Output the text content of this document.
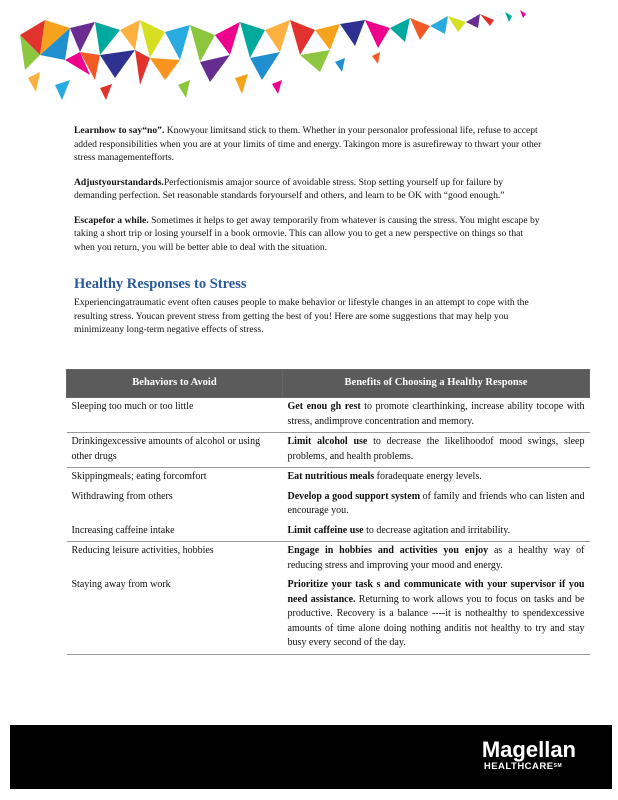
Learnhow to say“no”. Knowyour limitsand stick to them. Whether in your personalor professional life, refuse to accept added responsibilities when you are at your limits of time and energy. Takingon more is asurefireway to thwart your other stress managementefforts.

Adjustyourstandards.Perfectionismis amajor source of avoidable stress. Stop setting yourself up for failure by demanding perfection. Set reasonable standards foryourself and others, and learn to be OK with “good enough.”

Escapefor a while. Sometimes it helps to get away temporarily from whatever is causing the stress. You might escape by taking a short trip or losing yourself in a book ormovie. This can allow you to get a new perspective on things so that when you return, you will be better able to deal with the situation.

Healthy Responses to Stress

Experiencingatraumatic event often causes people to make behavior or lifestyle changes in an attempt to cope with the resulting stress. Youcan prevent stress from getting the best of you! Here are some suggestions that may help you minimizeany long-term negative effects of stress.

Behaviors to Avoid	Benefits of Choosing a Healthy Response
Sleeping too much or too little	Get enou gh rest to promote clearthinking, increase ability tocope with stress, andimprove concentration and memory.
Drinkingexcessive amounts of alcohol or using other drugs	Limit alcohol use to decrease the likelihoodof mood swings, sleep problems, and health problems.
Skippingmeals; eating forcomfort	Eat nutritious meals foradequate energy levels.
Withdrawing from others	Develop a good support system of family and friends who can listen and encourage you.
Increasing caffeine intake	Limit caffeine use to decrease agitation and irritability.
Reducing leisure activities, hobbies	Engage in hobbies and activities you enjoy as a healthy way of reducing stress and improving your mood and energy.
Staying away from work	Prioritize your task s and communicate with your supervisor if you need assistance. Returning to work allows you to focus on tasks and be productive. Recovery is a balance ----it is nothealthy to spendexcessive amounts of time alone doing nothing anditis not healthy to try and stay busy every second of the day.
Magellan
HEALTHCARE℠
